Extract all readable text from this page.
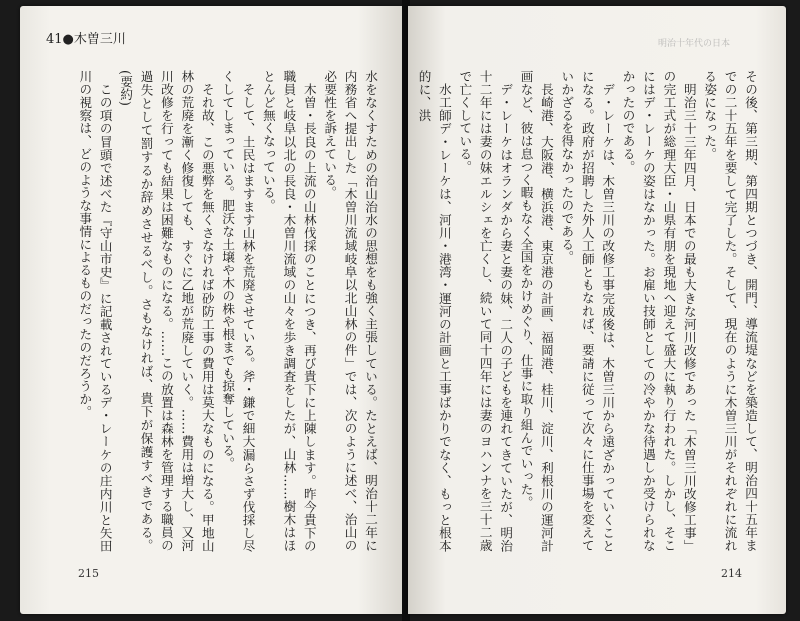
41●木曽三川

水をなくすための治山治水の思想をも強く主張している。たとえば、明治十二年に内務省へ提出した「木曽川流域岐阜以北山林の件」では、次のように述べ、治山の必要性を訴えている。

木曽・長良の上流の山林伐採のことにつき、再び貴下に上陳します。昨今貴下の職員と岐阜以北の長良・木曽川流域の山々を歩き調査をしたが、山林……樹木はほとんど無くなっている。

そして、土民はますます山林を荒廃させている。斧・鎌で細大漏らさず伐採し尽くしてしまっている。肥沃な土壌や木の株や根までも掠奪している。

それ故、この悪弊を無くさなければ砂防工事の費用は莫大なものになる。甲地山林の荒廃を漸く修復しても、すぐに乙地が荒廃していく。……費用は増大し、又河川改修を行っても結果は困難なものになる。……この放置は森林を管理する職員の過失として罰するか辞めさせるべし。さもなければ、貴下が保護すべきである。(要約)

この項の冒頭で述べた『守山市史』に記載されているデ・レーケの庄内川と矢田川の視察は、どのような事情によるものだったのだろうか。

215
明治十年代の日本

その後、第三期、第四期とつづき、開門、導流堤などを築造して、明治四十五年までの二十五年を要して完了した。そして、現在のように木曽三川がそれぞれに流れる姿になった。

明治三十三年四月、日本での最も大きな河川改修であった「木曽三川改修工事」の完工式が総理大臣・山県有朋を現地へ迎えて盛大に執り行われた。しかし、そこにはデ・レーケの姿はなかった。お雇い技師としての冷やかな待遇しか受けられなかったのである。

デ・レーケは、木曽三川の改修工事完成後は、木曽三川から遠ざかっていくことになる。政府が招聘した外人工師ともなれば、要請に従って次々に仕事場を変えていかざるを得なかったのである。

長崎港、大阪港、横浜港、東京港の計画、福岡港、桂川、淀川、利根川の運河計画など、彼は息つく暇もなく全国をかけめぐり、仕事に取り組んでいった。

デ・レーケはオランダから妻と妻の妹、二人の子どもを連れてきていたが、明治十二年には妻の妹エルシェを亡くし、続いて同十四年には妻のヨハンナを三十二歳で亡くしている。

水工師デ・レーケは、河川・港湾・運河の計画と工事ばかりでなく、もっと根本的に、洪

214
